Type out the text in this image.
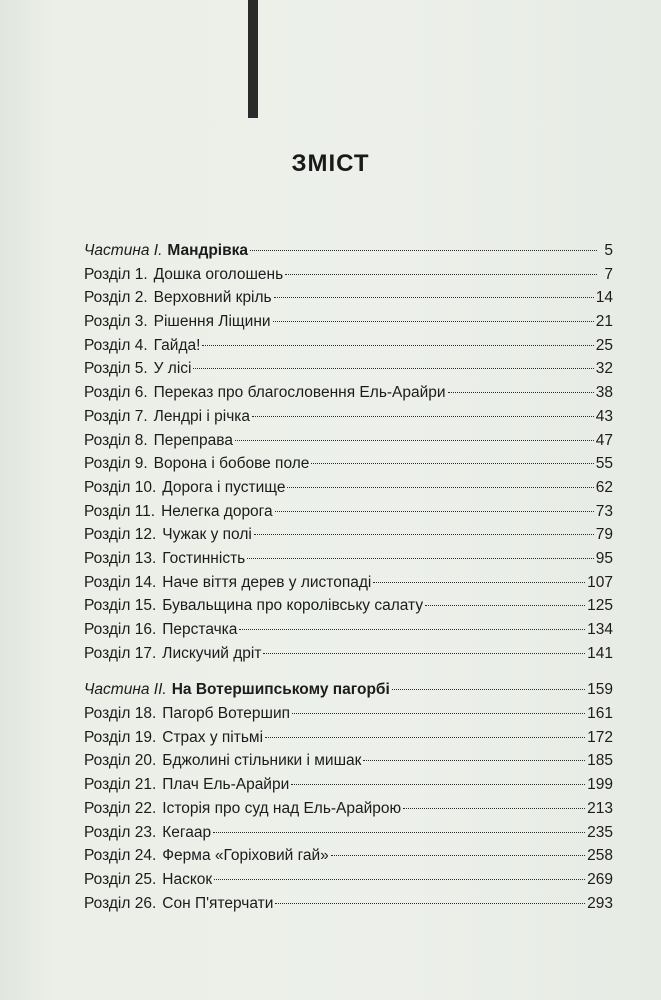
ЗМІСТ
Частина I. Мандрівка	5
Розділ 1. Дошка оголошень	7
Розділ 2. Верховний кріль	14
Розділ 3. Рішення Ліщини	21
Розділ 4. Гайда!	25
Розділ 5. У лісі	32
Розділ 6. Переказ про благословення Ель-Арайри	38
Розділ 7. Лендрі і річка	43
Розділ 8. Переправа	47
Розділ 9. Ворона і бобове поле	55
Розділ 10. Дорога і пустище	62
Розділ 11. Нелегка дорога	73
Розділ 12. Чужак у полі	79
Розділ 13. Гостинність	95
Розділ 14. Наче віття дерев у листопаді	107
Розділ 15. Бувальщина про королівську салату	125
Розділ 16. Перстачка	134
Розділ 17. Лискучий дріт	141
Частина II. На Вотершипському пагорбі	159
Розділ 18. Пагорб Вотершип	161
Розділ 19. Страх у пітьмі	172
Розділ 20. Бджолині стільники і мишак	185
Розділ 21. Плач Ель-Арайри	199
Розділ 22. Історія про суд над Ель-Арайрою	213
Розділ 23. Кегаар	235
Розділ 24. Ферма «Горіховий гай»	258
Розділ 25. Наскок	269
Розділ 26. Сон П'ятерчати	293
